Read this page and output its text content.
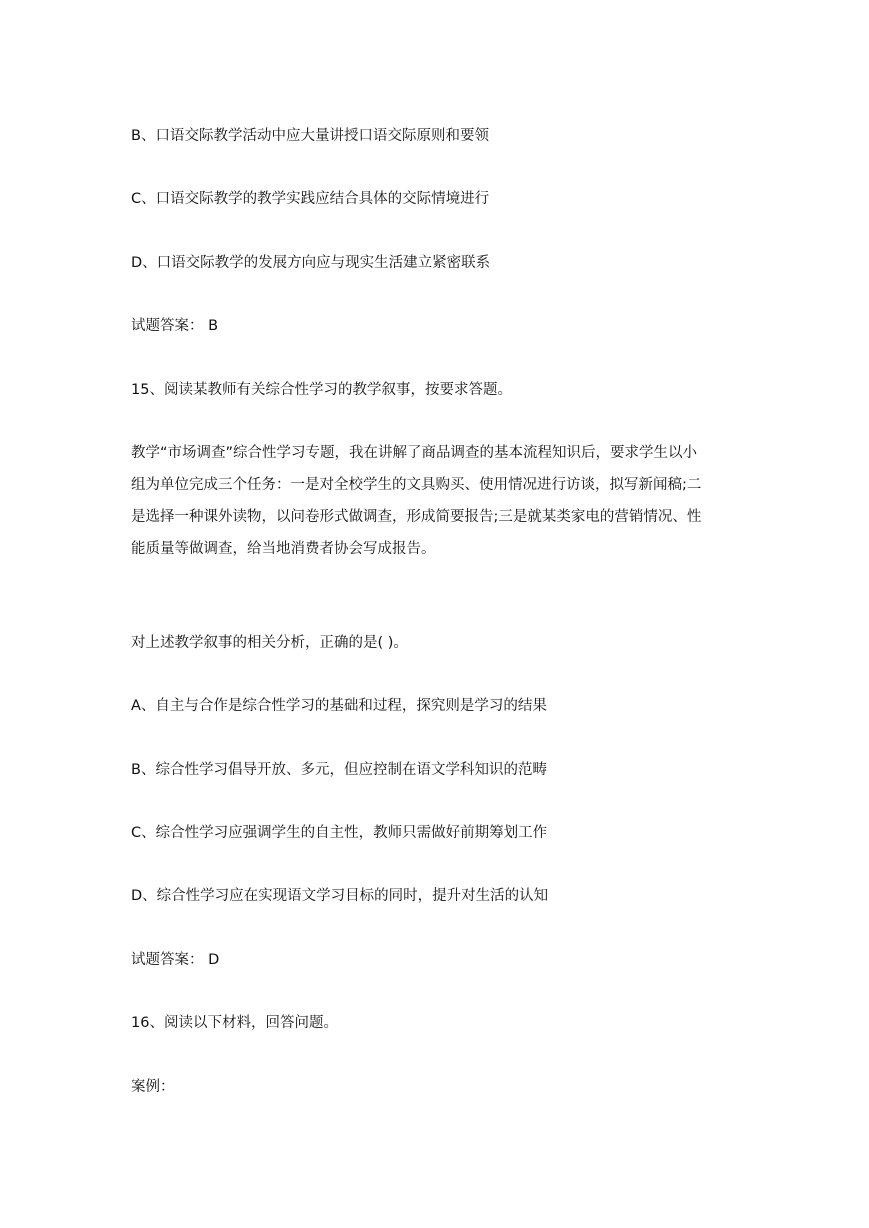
B、口语交际教学活动中应大量讲授口语交际原则和要领

C、口语交际教学的教学实践应结合具体的交际情境进行

D、口语交际教学的发展方向应与现实生活建立紧密联系

试题答案： B

15、阅读某教师有关综合性学习的教学叙事，按要求答题。

教学“市场调查”综合性学习专题，我在讲解了商品调查的基本流程知识后，要求学生以小
组为单位完成三个任务：一是对全校学生的文具购买、使用情况进行访谈，拟写新闻稿;二
是选择一种课外读物，以问卷形式做调查，形成简要报告;三是就某类家电的营销情况、性
能质量等做调查，给当地消费者协会写成报告。

对上述教学叙事的相关分析，正确的是( )。

A、自主与合作是综合性学习的基础和过程，探究则是学习的结果

B、综合性学习倡导开放、多元，但应控制在语文学科知识的范畴

C、综合性学习应强调学生的自主性，教师只需做好前期筹划工作

D、综合性学习应在实现语文学习目标的同时，提升对生活的认知

试题答案： D

16、阅读以下材料，回答问题。

案例：
